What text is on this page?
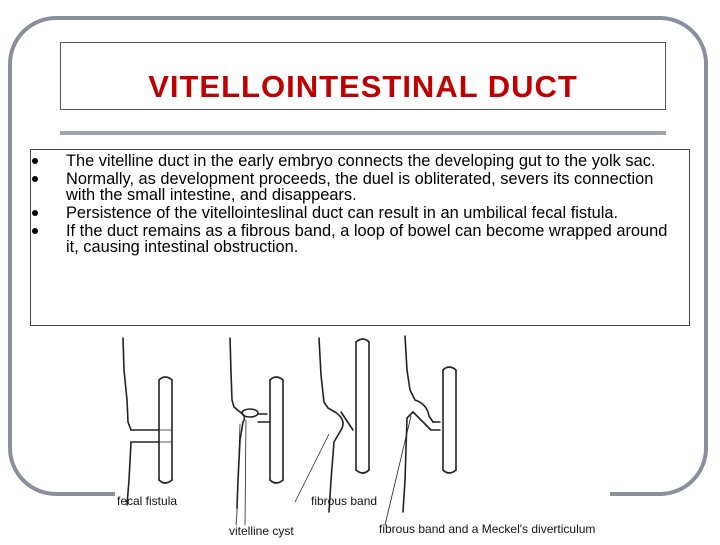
VITELLOINTESTINAL DUCT
The vitelline duct in the early embryo connects the developing gut to the yolk sac.
Normally, as development proceeds, the duel is obliterated, severs its connection with the small intestine, and disappears.
Persistence of the vitellointeslinal duct can result in an umbilical fecal fistula.
If the duct remains as a fibrous band, a loop of bowel can become wrapped around it, causing intestinal obstruction.
fecal fistula
vitelline cyst
fibrous band
fibrous band and a Meckel's diverticulum
